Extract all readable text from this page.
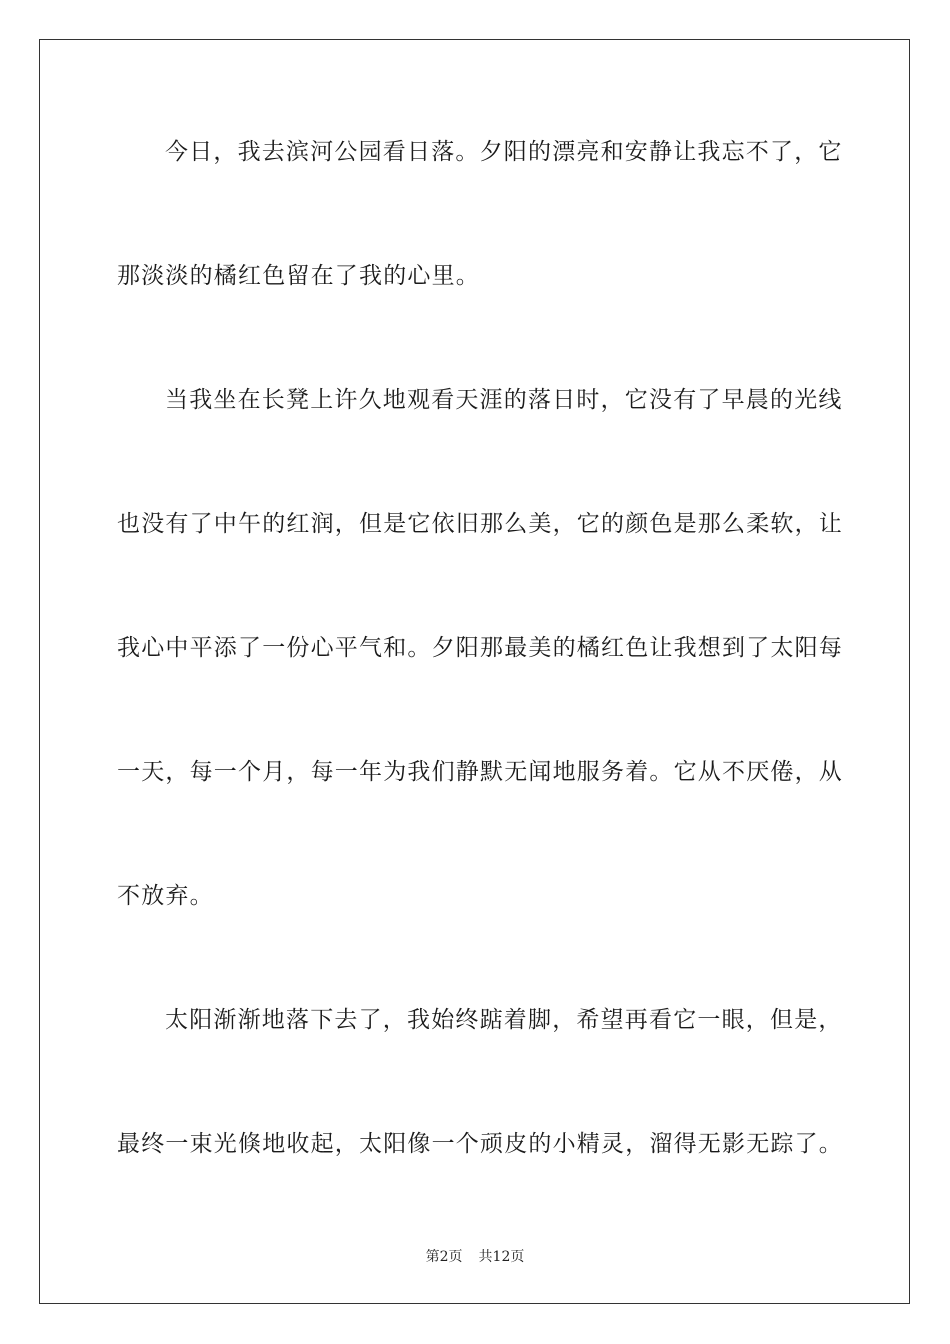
今日，我去滨河公园看日落。夕阳的漂亮和安静让我忘不了，它
那淡淡的橘红色留在了我的心里。
当我坐在长凳上许久地观看天涯的落日时，它没有了早晨的光线
也没有了中午的红润，但是它依旧那么美，它的颜色是那么柔软，让
我心中平添了一份心平气和。夕阳那最美的橘红色让我想到了太阳每
一天，每一个月，每一年为我们静默无闻地服务着。它从不厌倦，从
不放弃。
太阳渐渐地落下去了，我始终踮着脚，希望再看它一眼，但是，
最终一束光倏地收起，太阳像一个顽皮的小精灵，溜得无影无踪了。
第2页 共12页
